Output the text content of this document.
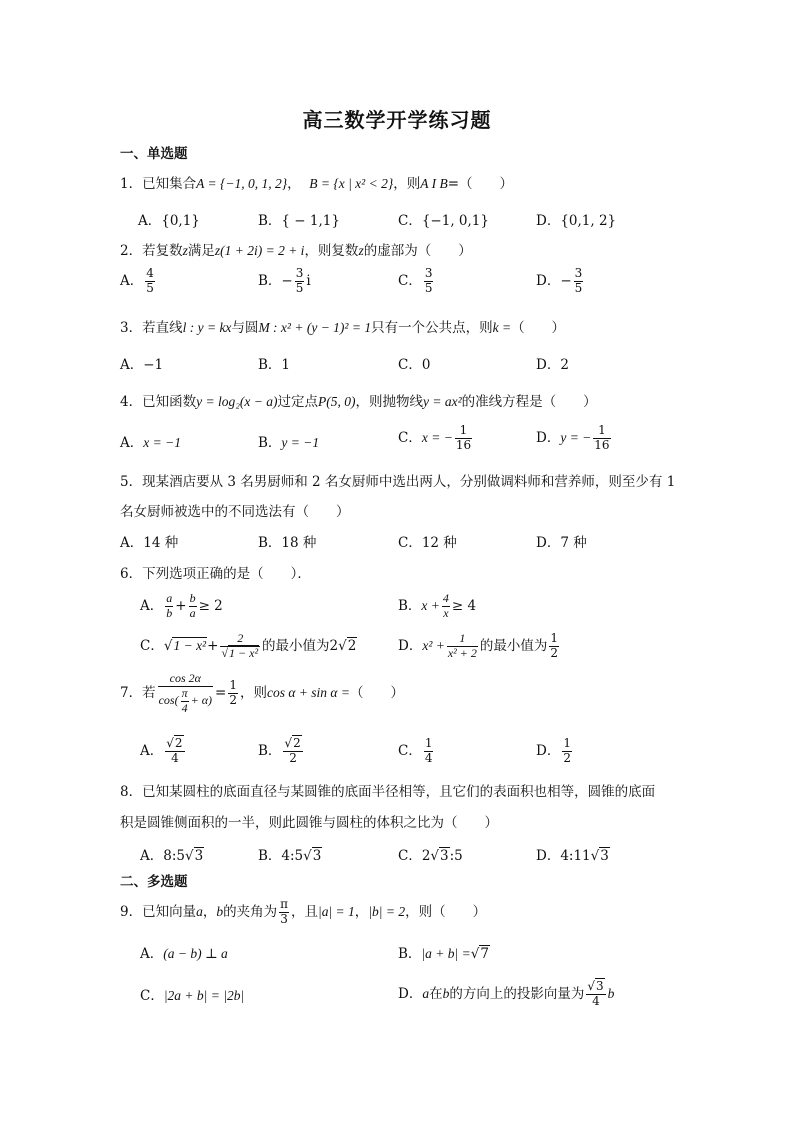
高三数学开学练习题
一、单选题
1．已知集合A = {−1, 0, 1, 2}， B = {x | x² < 2}，则A I B=（　　）
A．{0,1}	B．{ − 1,1}	C．{−1, 0,1}	D．{0,1, 2}
2．若复数z满足z(1 + 2i) = 2 + i，则复数z的虚部为（　　）
A． $\frac{4}{5}$	B．− $\frac{3}{5}$ i	C． $\frac{3}{5}$	D．− $\frac{3}{5}$
3．若直线l : y = kx与圆M : x² + (y − 1)² = 1只有一个公共点，则k =（　　）
A．−1	B．1	C．0	D．2
4．已知函数y = log₂(x − a)过定点P(5, 0)，则抛物线y = ax²的准线方程是（　　）
A．x = −1	B．y = −1	C．x = − $\frac{1}{16}$	D．y = − $\frac{1}{16}$
5．现某酒店要从 3 名男厨师和 2 名女厨师中选出两人，分别做调料师和营养师，则至少有 1
名女厨师被选中的不同选法有（　　）
A．14 种	B．18 种	C．12 种	D．7 种
6．下列选项正确的是（　　）．
A． $\frac{a}{b} + \frac{b}{a} \ge 2$	B．$x + \frac{4}{x} \ge 4$
C．$√1 - x^2+ \frac{2}{\text{√1 − x²}}$ 的最小值为2√2	D．$x^2 + \frac{1}{\text{x² + 2}}$ 的最小值为 $\frac{1}{2}$
7．若 $\frac{\cos 2\alpha}{\cos( \frac{\pi}{4} + \alpha)} = \frac{1}{2}$ ，则cos α + sin α =（　　）
A． $\frac{√2}{4}$	B． $\frac{√2}{2}$	C． $\frac{1}{4}$	D． $\frac{1}{2}$
8．已知某圆柱的底面直径与某圆锥的底面半径相等，且它们的表面积也相等，圆锥的底面
积是圆锥侧面积的一半，则此圆锥与圆柱的体积之比为（　　）
A．8:5√3	B．4:5√3	C．2√3:5	D．4:11√3
二、多选题
9．已知向量a，b的夹角为 $\frac{\pi}{3}$ ，且|a| = 1，|b| = 2，则（　　）
A．(a − b) ⊥ a	B．|a + b| =√7
C．|2a + b| = |2b|	D．a在b的方向上的投影向量为 $\frac{√3}{4}$ b
